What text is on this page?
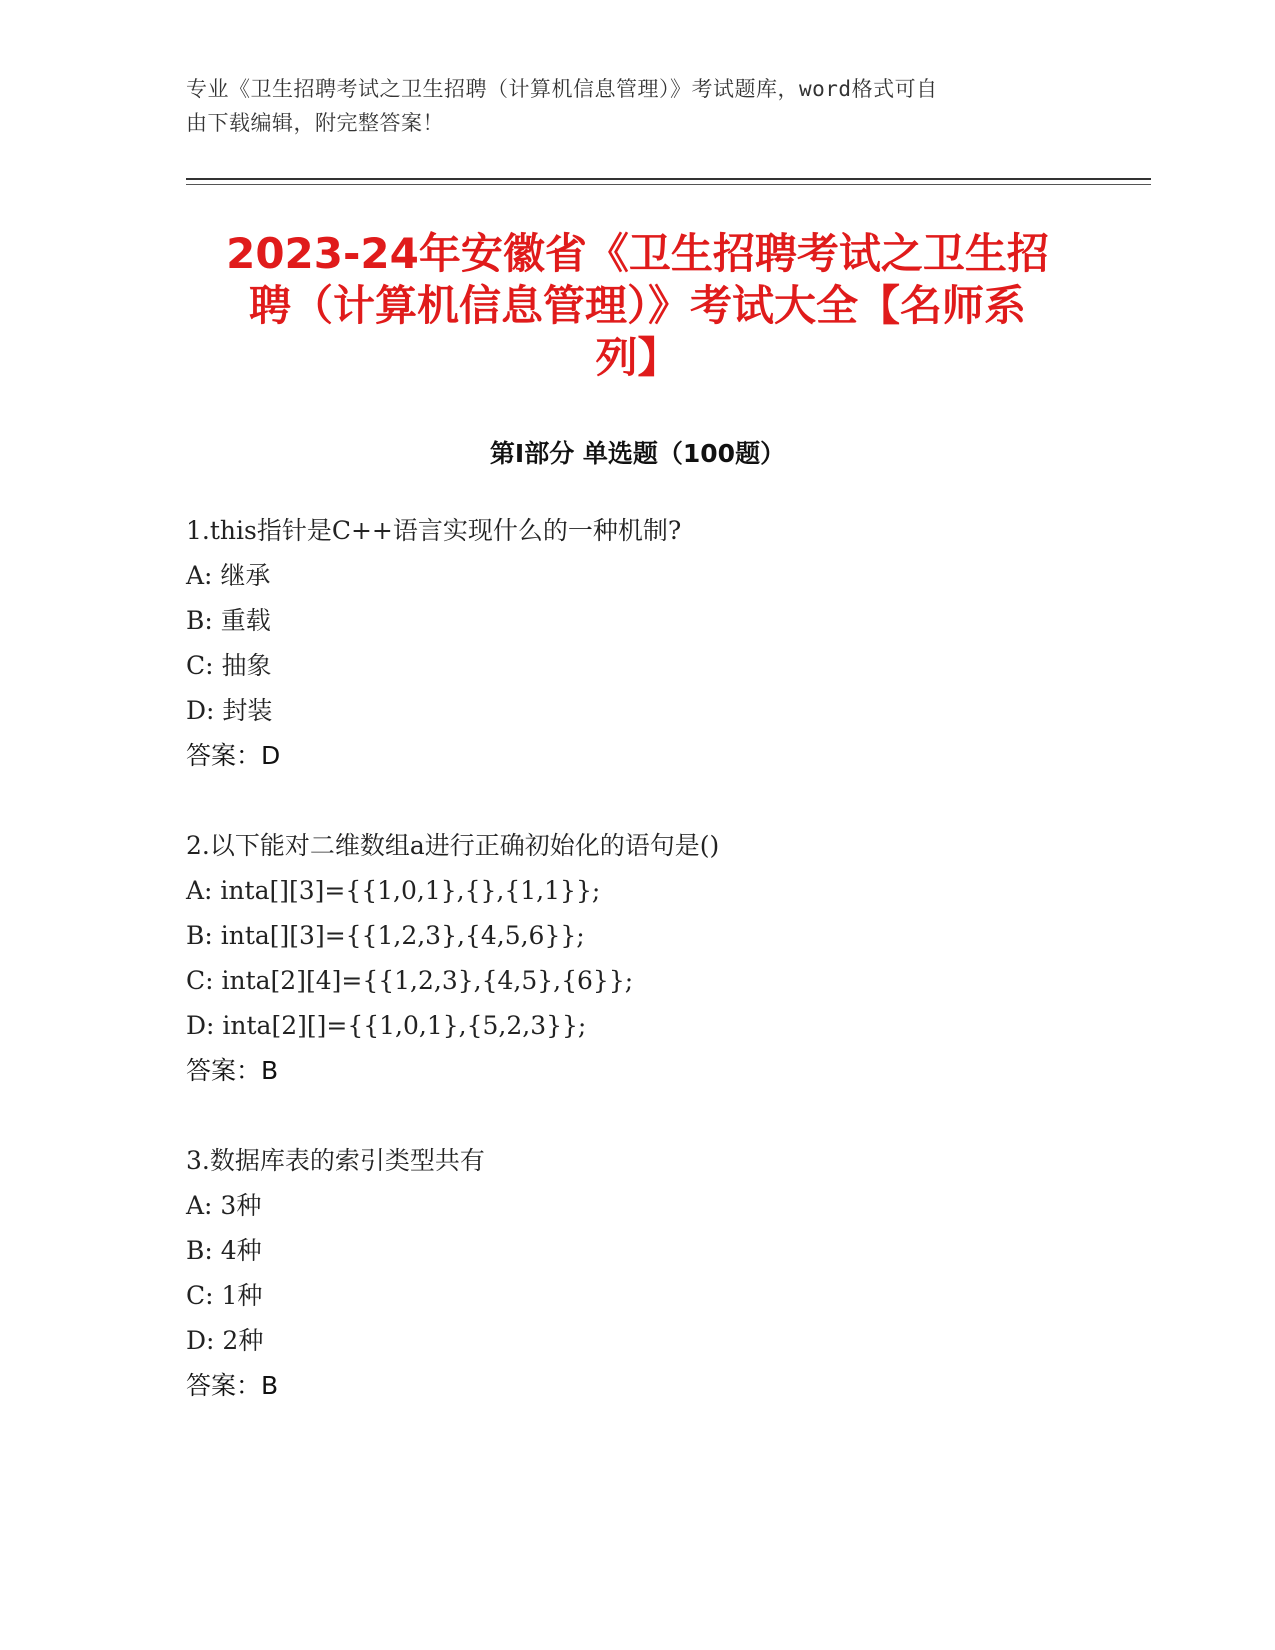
专业《卫生招聘考试之卫生招聘（计算机信息管理）》考试题库，word格式可自
由下载编辑，附完整答案！
2023-24年安徽省《卫生招聘考试之卫生招
聘（计算机信息管理）》考试大全【名师系
列】
第Ⅰ部分 单选题（100题）
1.this指针是C++语言实现什么的一种机制?
A: 继承
B: 重载
C: 抽象
D: 封装
答案：D
2.以下能对二维数组a进行正确初始化的语句是()
A: inta[][3]={{1,0,1},{},{1,1}};
B: inta[][3]={{1,2,3},{4,5,6}};
C: inta[2][4]={{1,2,3},{4,5},{6}};
D: inta[2][]={{1,0,1},{5,2,3}};
答案：B
3.数据库表的索引类型共有
A: 3种
B: 4种
C: 1种
D: 2种
答案：B
